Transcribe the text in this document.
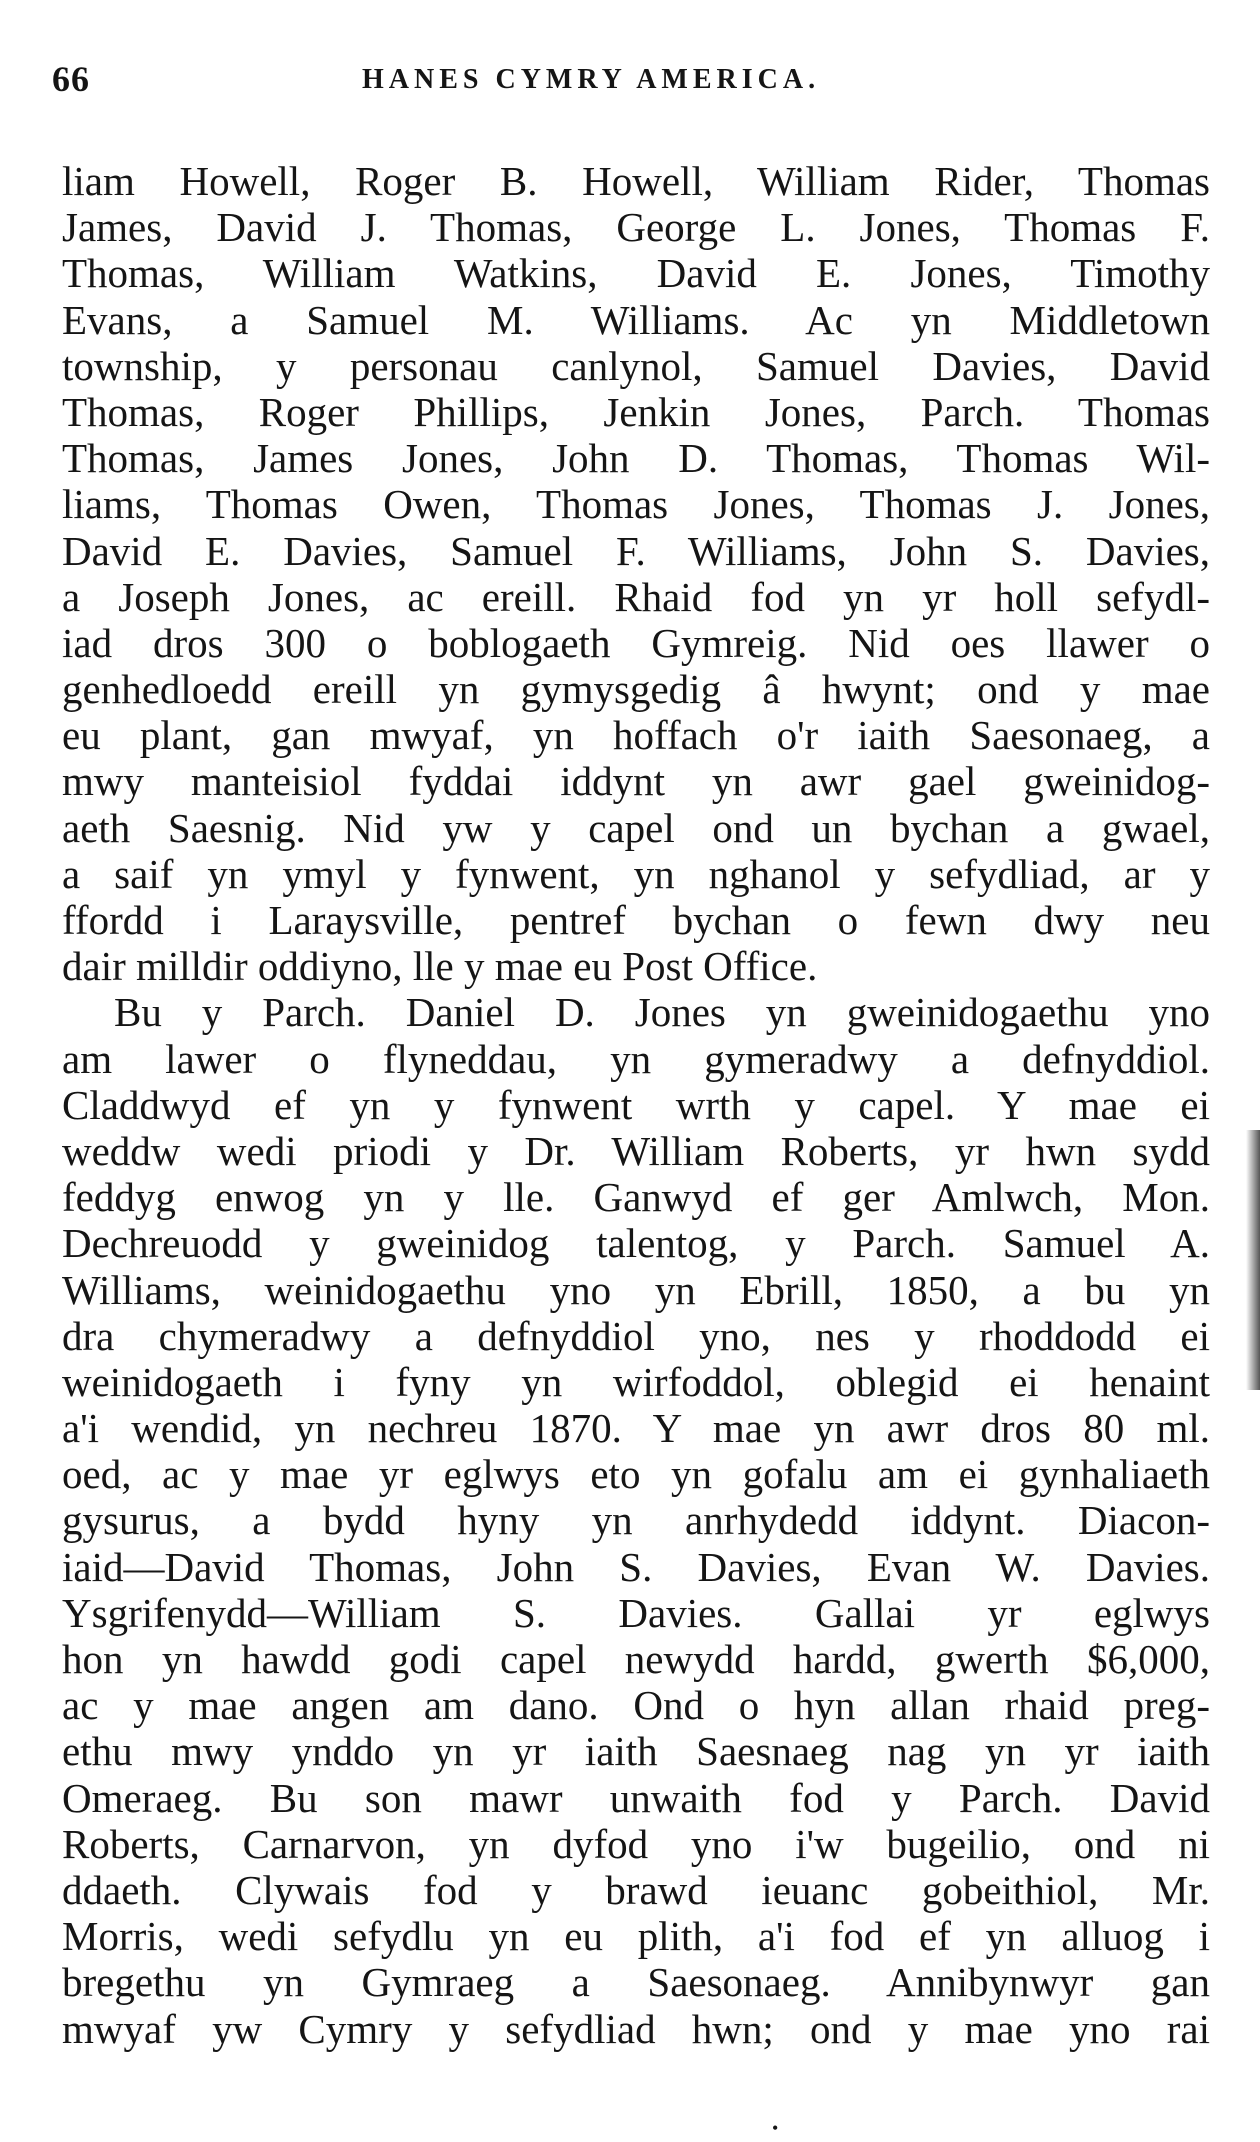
66	HANES CYMRY AMERICA.
liam Howell, Roger B. Howell, William Rider, Thomas
James, David J. Thomas, George L. Jones, Thomas F.
Thomas, William Watkins, David E. Jones, Timothy
Evans, a Samuel M. Williams. Ac yn Middletown
township, y personau canlynol, Samuel Davies, David
Thomas, Roger Phillips, Jenkin Jones, Parch. Thomas
Thomas, James Jones, John D. Thomas, Thomas Wil-
liams, Thomas Owen, Thomas Jones, Thomas J. Jones,
David E. Davies, Samuel F. Williams, John S. Davies,
a Joseph Jones, ac ereill. Rhaid fod yn yr holl sefydl-
iad dros 300 o boblogaeth Gymreig. Nid oes llawer o
genhedloedd ereill yn gymysgedig â hwynt; ond y mae
eu plant, gan mwyaf, yn hoffach o'r iaith Saesonaeg, a
mwy manteisiol fyddai iddynt yn awr gael gweinidog-
aeth Saesnig. Nid yw y capel ond un bychan a gwael,
a saif yn ymyl y fynwent, yn nghanol y sefydliad, ar y
ffordd i Laraysville, pentref bychan o fewn dwy neu
dair milldir oddiyno, lle y mae eu Post Office.
Bu y Parch. Daniel D. Jones yn gweinidogaethu yno
am lawer o flyneddau, yn gymeradwy a defnyddiol.
Claddwyd ef yn y fynwent wrth y capel. Y mae ei
weddw wedi priodi y Dr. William Roberts, yr hwn sydd
feddyg enwog yn y lle. Ganwyd ef ger Amlwch, Mon.
Dechreuodd y gweinidog talentog, y Parch. Samuel A.
Williams, weinidogaethu yno yn Ebrill, 1850, a bu yn
dra chymeradwy a defnyddiol yno, nes y rhoddodd ei
weinidogaeth i fyny yn wirfoddol, oblegid ei henaint
a'i wendid, yn nechreu 1870. Y mae yn awr dros 80 ml.
oed, ac y mae yr eglwys eto yn gofalu am ei gynhaliaeth
gysurus, a bydd hyny yn anrhydedd iddynt. Diacon-
iaid—David Thomas, John S. Davies, Evan W. Davies.
Ysgrifenydd—William S. Davies. Gallai yr eglwys
hon yn hawdd godi capel newydd hardd, gwerth $6,000,
ac y mae angen am dano. Ond o hyn allan rhaid preg-
ethu mwy ynddo yn yr iaith Saesnaeg nag yn yr iaith
Omeraeg. Bu son mawr unwaith fod y Parch. David
Roberts, Carnarvon, yn dyfod yno i'w bugeilio, ond ni
ddaeth. Clywais fod y brawd ieuanc gobeithiol, Mr.
Morris, wedi sefydlu yn eu plith, a'i fod ef yn alluog i
bregethu yn Gymraeg a Saesonaeg. Annibynwyr gan
mwyaf yw Cymry y sefydliad hwn; ond y mae yno rai
•
